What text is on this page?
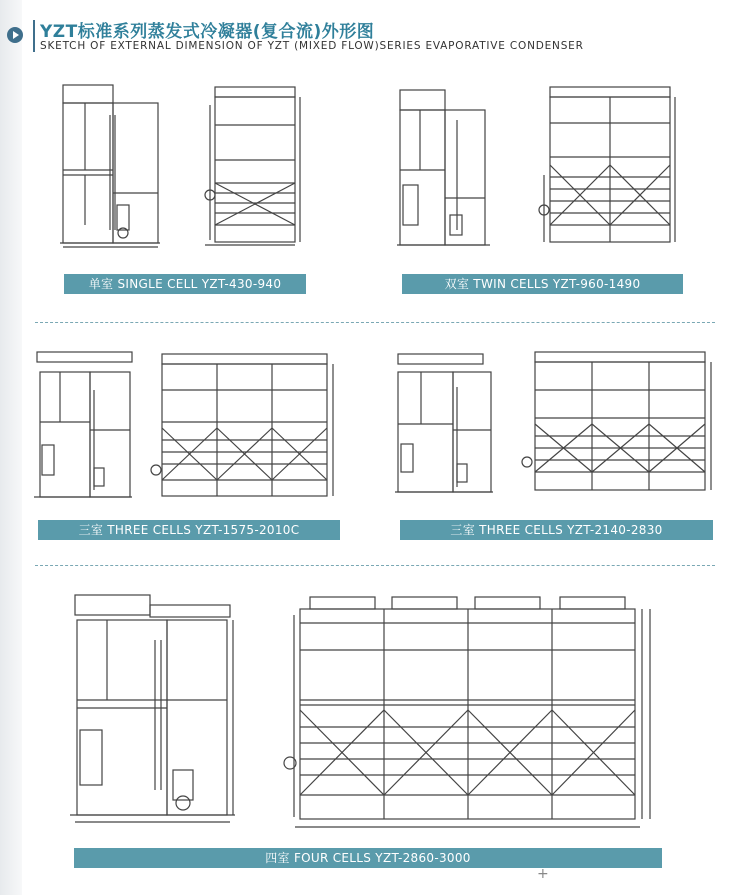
YZT标准系列蒸发式冷凝器(复合流)外形图
SKETCH OF EXTERNAL DIMENSION OF YZT (MIXED FLOW)SERIES EVAPORATIVE CONDENSER
单室 SINGLE CELL YZT-430-940	双室 TWIN CELLS YZT-960-1490
三室 THREE CELLS YZT-1575-2010C	三室 THREE CELLS YZT-2140-2830
四室 FOUR CELLS YZT-2860-3000
+
